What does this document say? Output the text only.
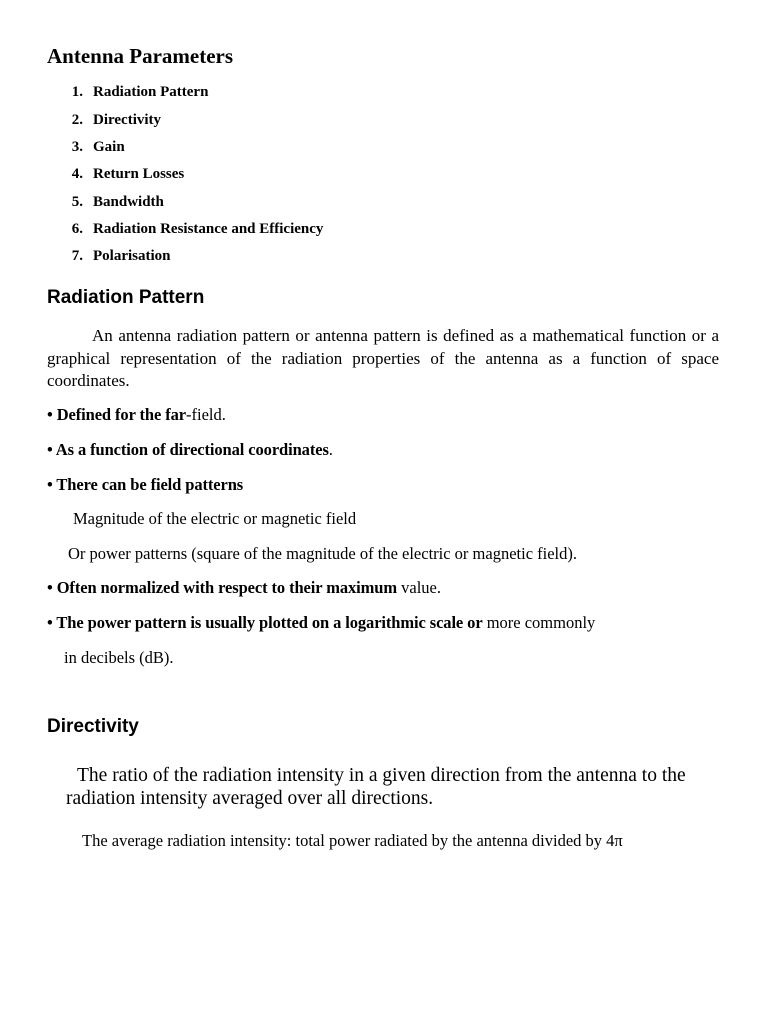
Antenna Parameters
1. Radiation Pattern
2. Directivity
3. Gain
4. Return Losses
5. Bandwidth
6. Radiation Resistance and Efficiency
7. Polarisation
Radiation Pattern
An antenna radiation pattern or antenna pattern is defined as a mathematical function or a graphical representation of the radiation properties of the antenna as a function of space coordinates.
• Defined for the far-field.
• As a function of directional coordinates.
• There can be field patterns
Magnitude of the electric or magnetic field
Or power patterns (square of the magnitude of the electric or magnetic field).
• Often normalized with respect to their maximum value.
• The power pattern is usually plotted on a logarithmic scale or more commonly
in decibels (dB).
Directivity
The ratio of the radiation intensity in a given direction from the antenna to the
radiation intensity averaged over all directions.
The average radiation intensity: total power radiated by the antenna divided by 4π
